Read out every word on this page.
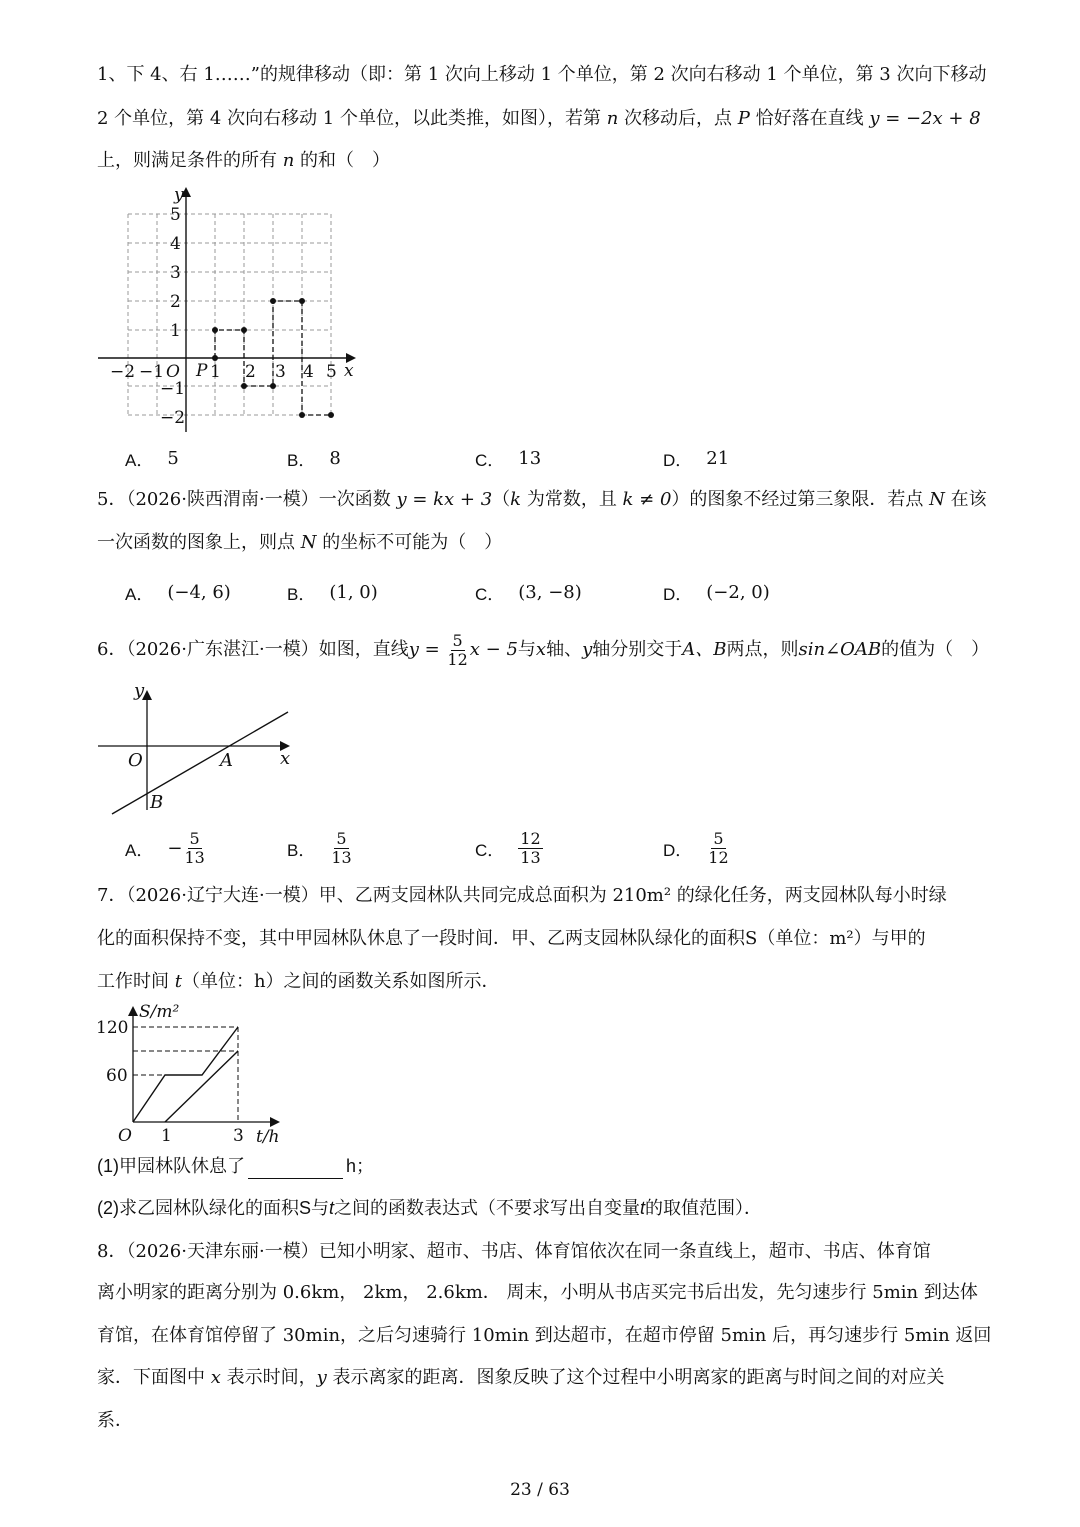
1、下 4、右 1……”的规律移动（即：第 1 次向上移动 1 个单位，第 2 次向右移动 1 个单位，第 3 次向下移动
2 个单位，第 4 次向右移动 1 个单位，以此类推，如图），若第 n 次移动后，点 P 恰好落在直线 y = −2x + 8
上，则满足条件的所有 n 的和（　）
y
x
O P
−2 −1	1 2 3 4 5
5
4
3
2
1
−1
−2
A． 5	B． 8	C． 13	D． 21
5．（2026·陕西渭南·一模）一次函数 y = kx + 3（k 为常数，且 k ≠ 0）的图象不经过第三象限．若点 N 在该
一次函数的图象上，则点 N 的坐标不可能为（　）
A． (−4, 6)	B． (1, 0)	C． (3, −8)	D． (−2, 0)
6．（2026·广东湛江·一模）如图，直线 y =
$\frac{5}{12}$ x − 5 与 x 轴、 y 轴分别交于 A、B 两点，则 sin∠OAB 的值为（　）
y
x
O	A
B
A． − $\frac{5}{13}$	B． $\frac{5}{13}$	C． $\frac{12}{13}$	D． $\frac{5}{12}$
7．（2026·辽宁大连·一模）甲、乙两支园林队共同完成总面积为 210m² 的绿化任务，两支园林队每小时绿
化的面积保持不变，其中甲园林队休息了一段时间．甲、乙两支园林队绿化的面积S（单位：m²）与甲的
工作时间 t（单位：h）之间的函数关系如图所示．
S/m²
t/h
O
120
60
1	3
(1)甲园林队休息了	h；
(2)求乙园林队绿化的面积S与t之间的函数表达式（不要求写出自变量t的取值范围）．
8．（2026·天津东丽·一模）已知小明家、超市、书店、体育馆依次在同一条直线上，超市、书店、体育馆
离小明家的距离分别为 0.6km， 2km， 2.6km． 周末，小明从书店买完书后出发，先匀速步行 5min 到达体
育馆，在体育馆停留了 30min，之后匀速骑行 10min 到达超市，在超市停留 5min 后，再匀速步行 5min 返回
家．下面图中 x 表示时间，y 表示离家的距离．图象反映了这个过程中小明离家的距离与时间之间的对应关
系．
23 / 63
